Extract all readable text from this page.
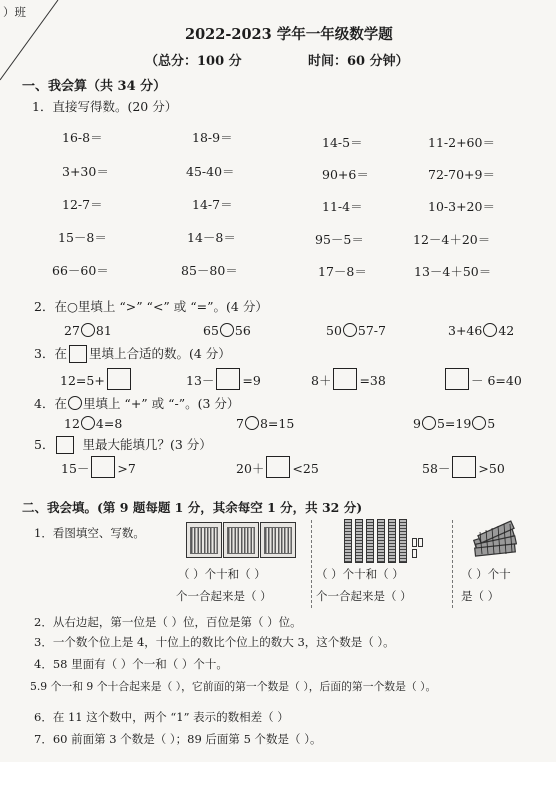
）班
2022-2023 学年一年级数学题
（总分：100 分	时间：60 分钟）
一、我会算（共 34 分）
1．直接写得数。(20 分）
16-8＝	18-9＝	14-5＝	11-2+60＝
3+30＝	45-40＝	90+6＝	72-70+9＝
12-7＝	14-7＝	11-4＝	10-3+20＝
15－8＝	14－8＝	95－5＝	12－4＋20＝
66－60＝	85－80＝	17－8＝	13－4＋50＝
2．在○里填上 “>” “<” 或 “=”。(4 分）
27 81	65 56	50 57-7	3+46 42
3．在 里填上合适的数。(4 分）
12=5+	13－ =9	8＋ =38	－ 6=40
4．在 里填上 “+” 或 “-”。(3 分）
12 4=8	7 8=15	9 5=19 5
5． 里最大能填几？(3 分）
15－ >7	20＋ <25	58－ >50
二、我会填。(第 9 题每题 1 分，其余每空 1 分，共 32 分)
1．看图填空、写数。
（ ）个十和（ ）
个一合起来是（ ）
（ ）个十和（ ）
个一合起来是（ ）
（ ）个十
是（ ）
2．从右边起，第一位是（ ）位，百位是第（ ）位。
3．一个数个位上是 4，十位上的数比个位上的数大 3，这个数是（ ）。
4．58 里面有（ ）个一和（ ）个十。
5.9 个一和 9 个十合起来是（ ），它前面的第一个数是（ ），后面的第一个数是（ ）。
6．在 11 这个数中，两个 “1” 表示的数相差（ ）
7．60 前面第 3 个数是（ ）；89 后面第 5 个数是（ ）。
